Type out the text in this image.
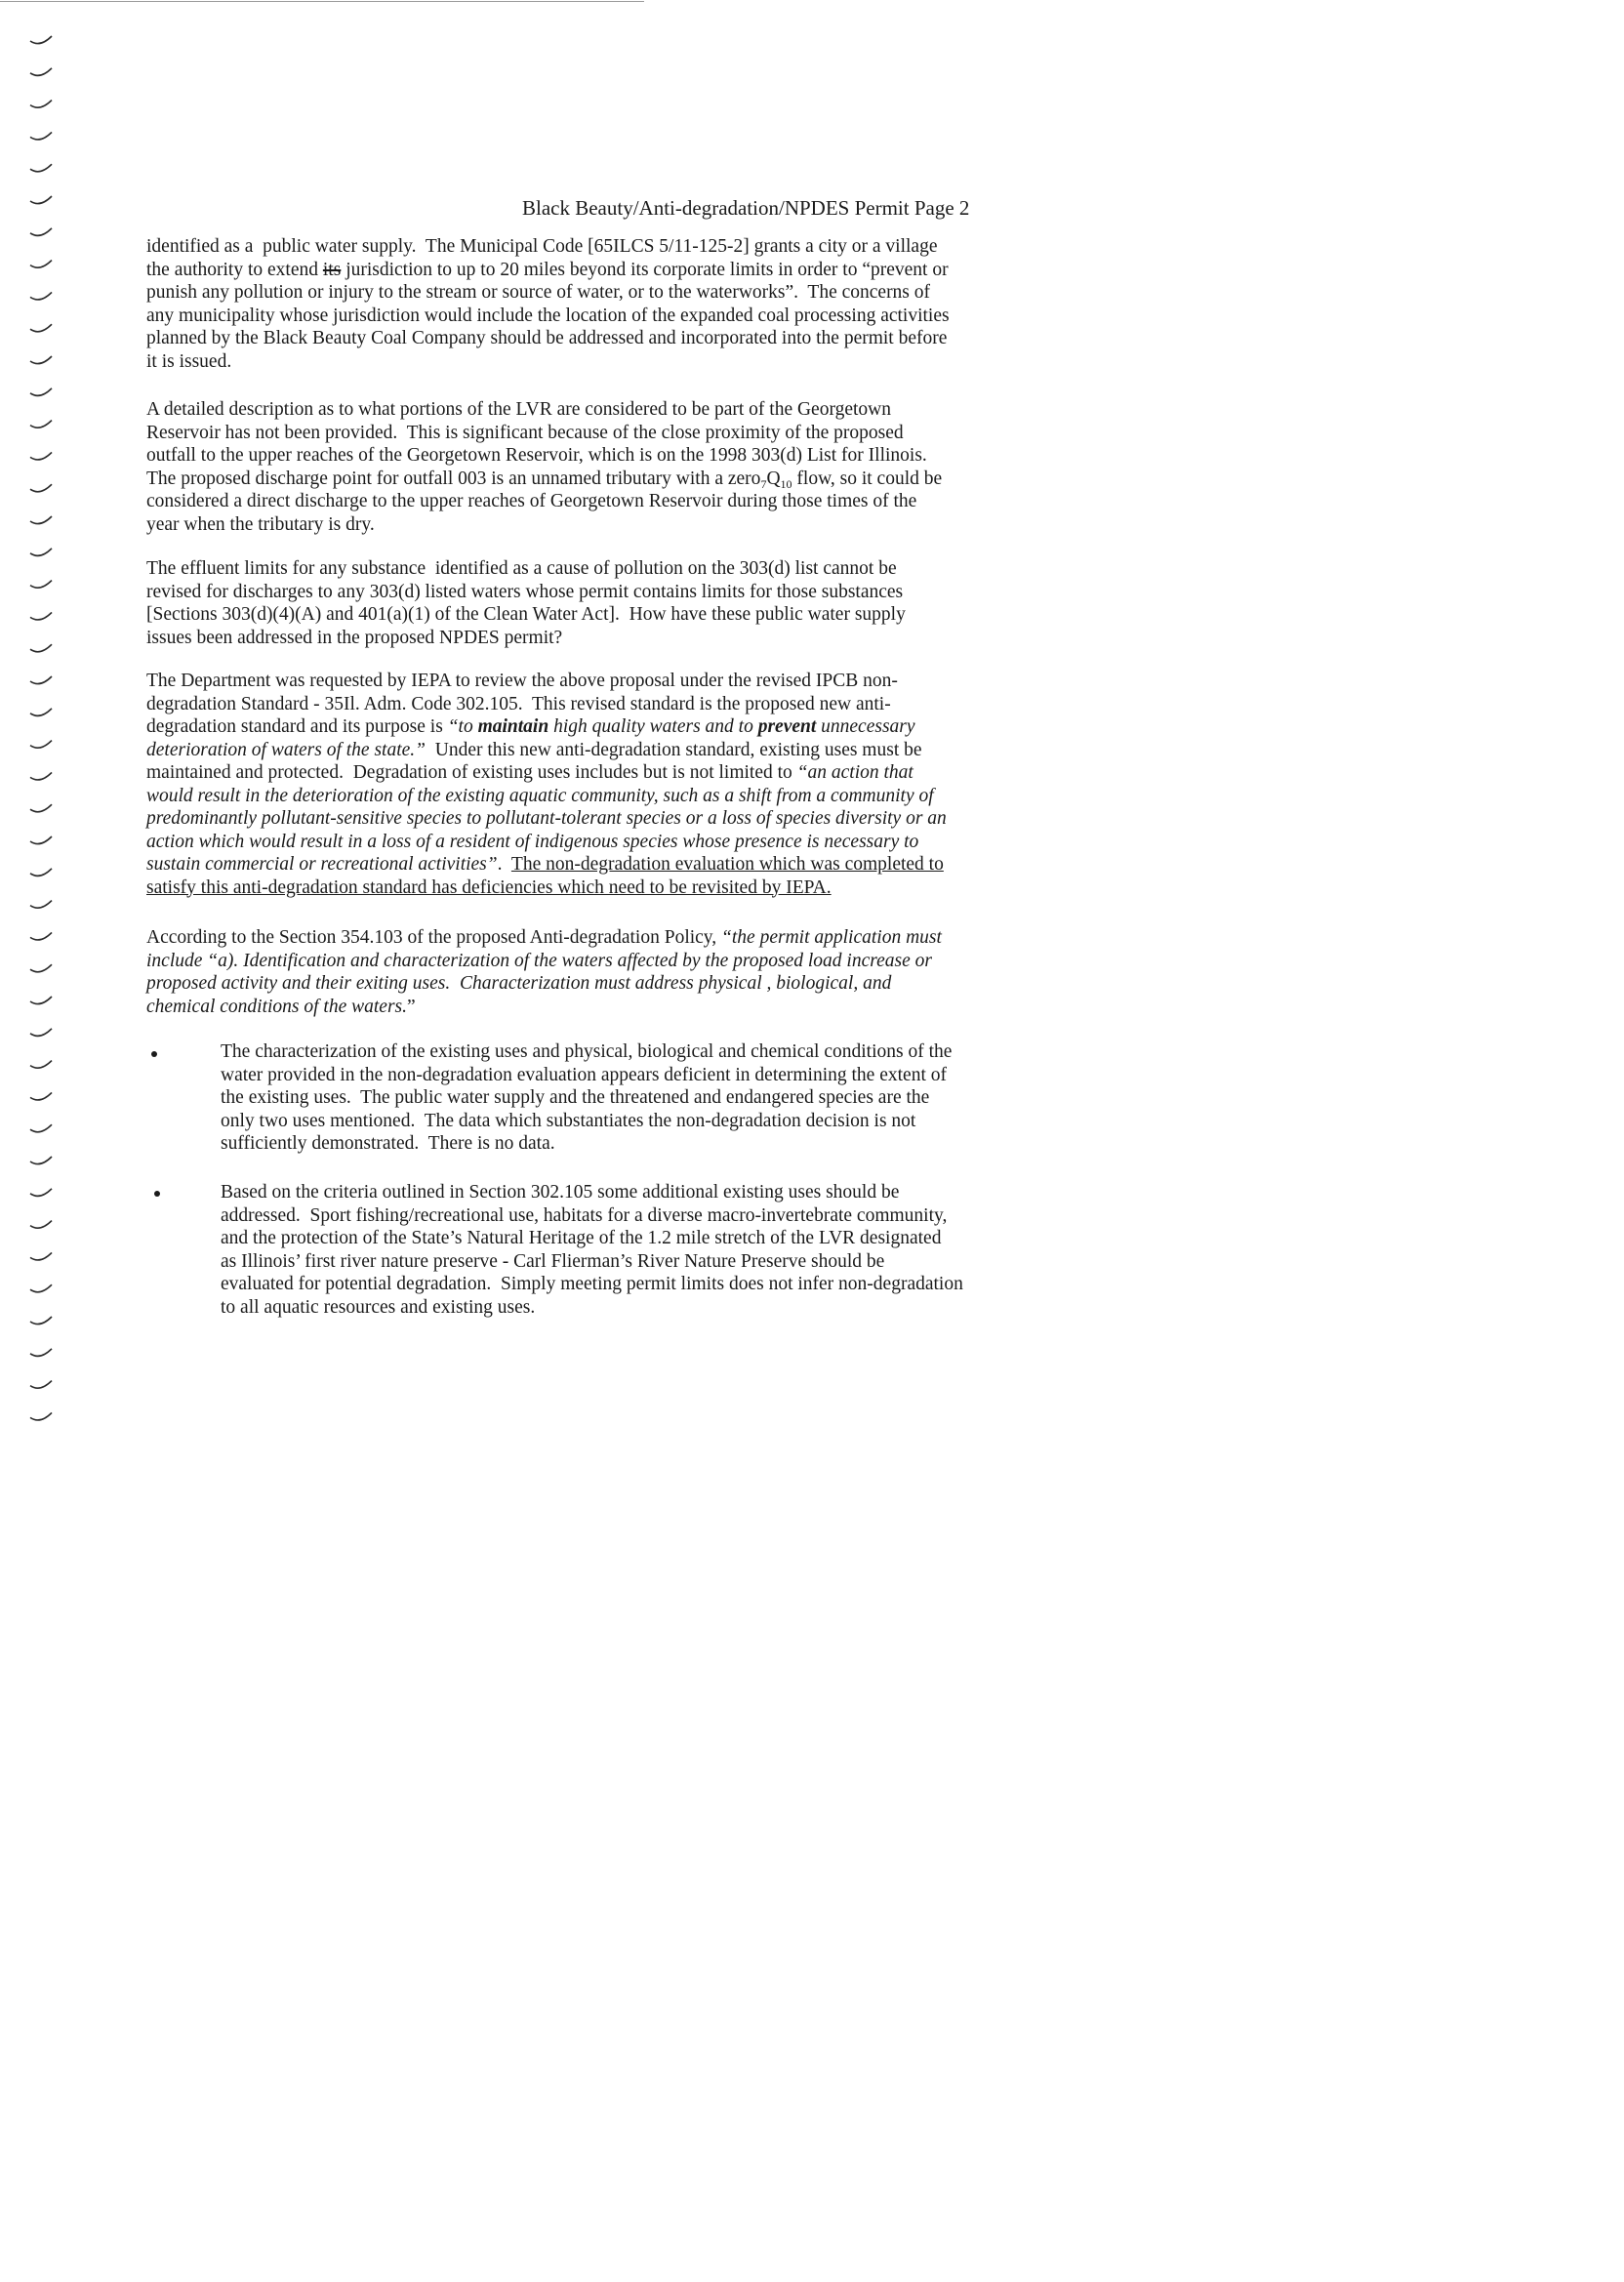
Black Beauty/Anti-degradation/NPDES Permit Page 2
identified as a  public water supply.  The Municipal Code [65ILCS 5/11-125-2] grants a city or a village
the authority to extend its jurisdiction to up to 20 miles beyond its corporate limits in order to “prevent or
punish any pollution or injury to the stream or source of water, or to the waterworks”.  The concerns of
any municipality whose jurisdiction would include the location of the expanded coal processing activities
planned by the Black Beauty Coal Company should be addressed and incorporated into the permit before
it is issued.
A detailed description as to what portions of the LVR are considered to be part of the Georgetown
Reservoir has not been provided.  This is significant because of the close proximity of the proposed
outfall to the upper reaches of the Georgetown Reservoir, which is on the 1998 303(d) List for Illinois.
The proposed discharge point for outfall 003 is an unnamed tributary with a $zero_7Q_{10}$ flow, so it could be
considered a direct discharge to the upper reaches of Georgetown Reservoir during those times of the
year when the tributary is dry.
The effluent limits for any substance  identified as a cause of pollution on the 303(d) list cannot be
revised for discharges to any 303(d) listed waters whose permit contains limits for those substances
[Sections 303(d)(4)(A) and 401(a)(1) of the Clean Water Act].  How have these public water supply
issues been addressed in the proposed NPDES permit?
The Department was requested by IEPA to review the above proposal under the revised IPCB non-
degradation Standard - 35Il. Adm. Code 302.105.  This revised standard is the proposed new anti-
degradation standard and its purpose is “to maintain high quality waters and to prevent unnecessary
deterioration of waters of the state.”  Under this new anti-degradation standard, existing uses must be
maintained and protected.  Degradation of existing uses includes but is not limited to “an action that
would result in the deterioration of the existing aquatic community, such as a shift from a community of
predominantly pollutant-sensitive species to pollutant-tolerant species or a loss of species diversity or an
action which would result in a loss of a resident of indigenous species whose presence is necessary to
sustain commercial or recreational activities”.  The non-degradation evaluation which was completed to
satisfy this anti-degradation standard has deficiencies which need to be revisited by IEPA.
According to the Section 354.103 of the proposed Anti-degradation Policy, “the permit application must
include “a). Identification and characterization of the waters affected by the proposed load increase or
proposed activity and their exiting uses.  Characterization must address physical , biological, and
chemical conditions of the waters.”
The characterization of the existing uses and physical, biological and chemical conditions of the
water provided in the non-degradation evaluation appears deficient in determining the extent of
the existing uses.  The public water supply and the threatened and endangered species are the
only two uses mentioned.  The data which substantiates the non-degradation decision is not
sufficiently demonstrated.  There is no data.
Based on the criteria outlined in Section 302.105 some additional existing uses should be
addressed.  Sport fishing/recreational use, habitats for a diverse macro-invertebrate community,
and the protection of the State’s Natural Heritage of the 1.2 mile stretch of the LVR designated
as Illinois’ first river nature preserve - Carl Flierman’s River Nature Preserve should be
evaluated for potential degradation.  Simply meeting permit limits does not infer non-degradation
to all aquatic resources and existing uses.
